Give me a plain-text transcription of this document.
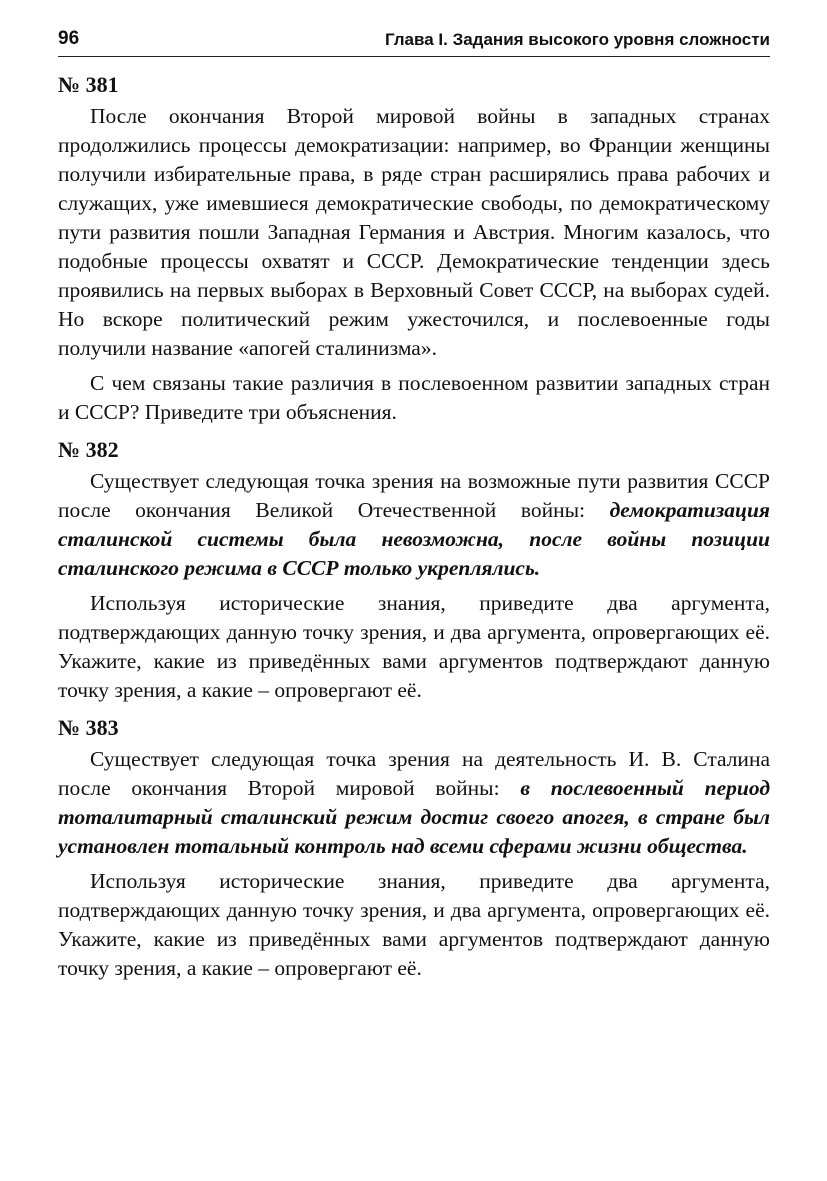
96	Глава I. Задания высокого уровня сложности
№ 381

После окончания Второй мировой войны в западных странах продолжились процессы демократизации: например, во Франции женщины получили избирательные права, в ряде стран расширялись права рабочих и служащих, уже имевшиеся демократические свободы, по демократическому пути развития пошли Западная Германия и Австрия. Многим казалось, что подобные процессы охватят и СССР. Демократические тенденции здесь проявились на первых выборах в Верховный Совет СССР, на выборах судей. Но вскоре политический режим ужесточился, и послевоенные годы получили название «апогей сталинизма».

С чем связаны такие различия в послевоенном развитии западных стран и СССР? Приведите три объяснения.

№ 382

Существует следующая точка зрения на возможные пути развития СССР после окончания Великой Отечественной войны: демократизация сталинской системы была невозможна, после войны позиции сталинского режима в СССР только укреплялись.

Используя исторические знания, приведите два аргумента, подтверждающих данную точку зрения, и два аргумента, опровергающих её. Укажите, какие из приведённых вами аргументов подтверждают данную точку зрения, а какие – опровергают её.

№ 383

Существует следующая точка зрения на деятельность И. В. Сталина после окончания Второй мировой войны: в послевоенный период тоталитарный сталинский режим достиг своего апогея, в стране был установлен тотальный контроль над всеми сферами жизни общества.

Используя исторические знания, приведите два аргумента, подтверждающих данную точку зрения, и два аргумента, опровергающих её. Укажите, какие из приведённых вами аргументов подтверждают данную точку зрения, а какие – опровергают её.
